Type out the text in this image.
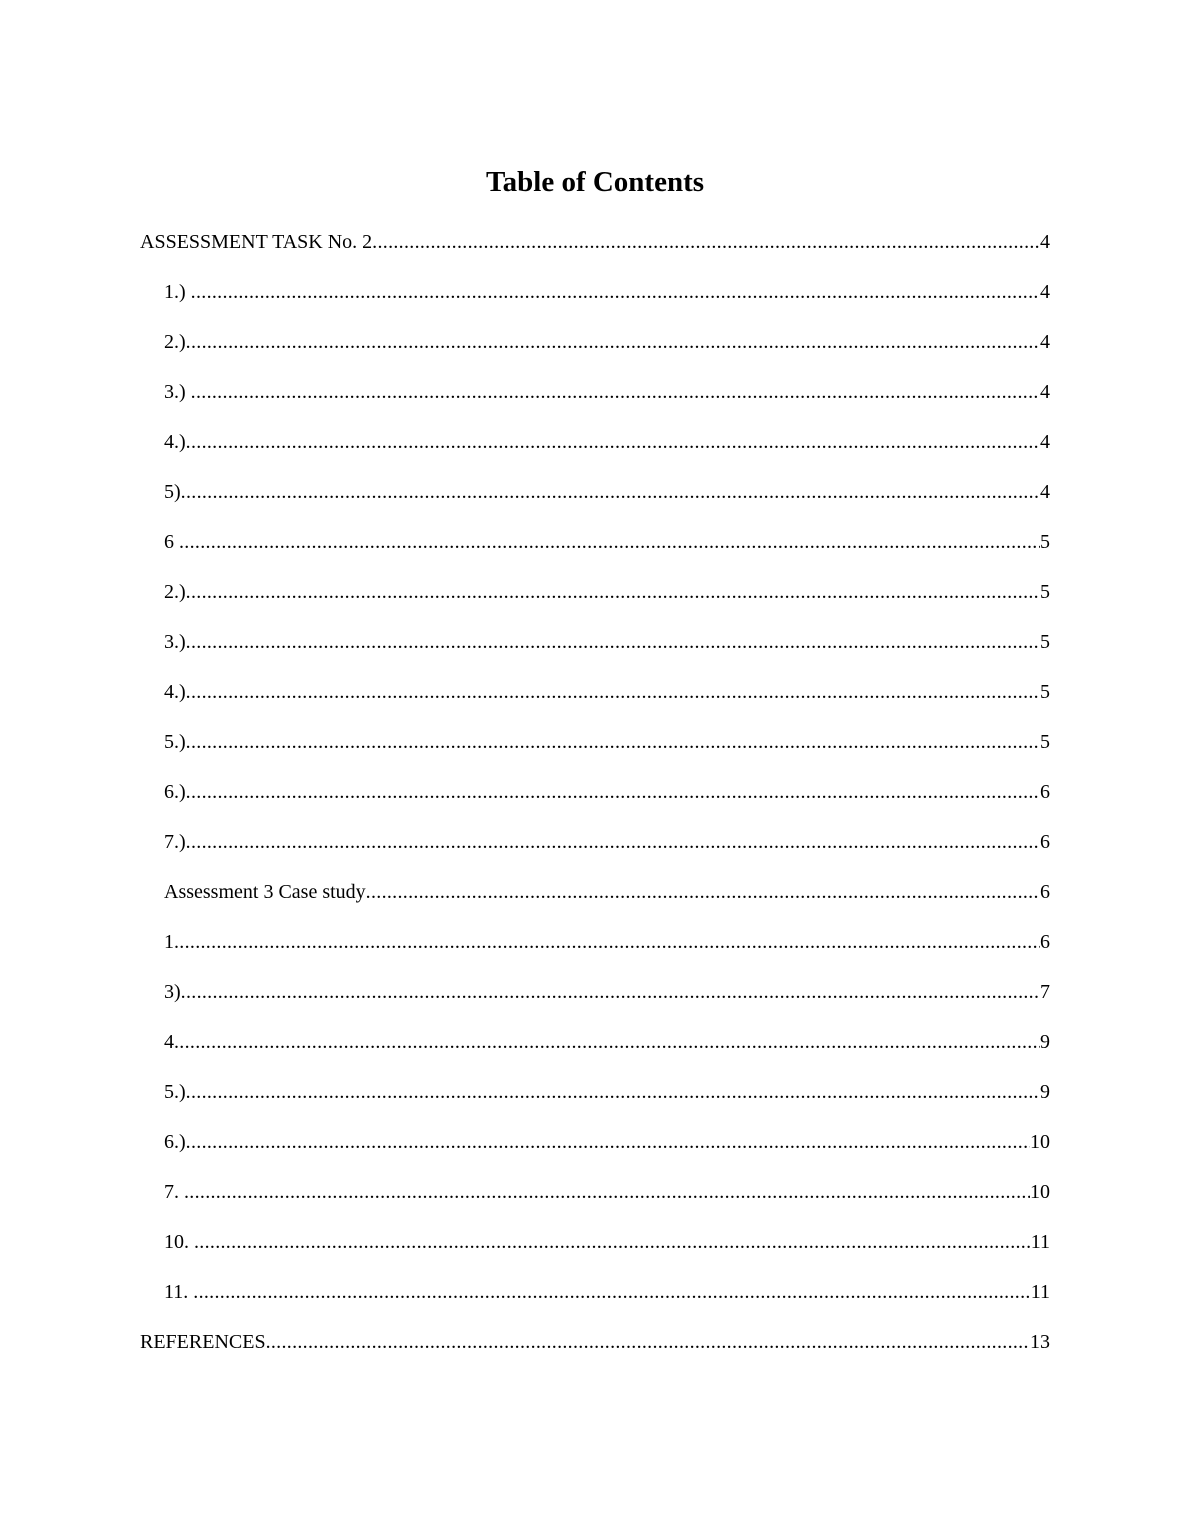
Table of Contents
ASSESSMENT TASK No. 2 .....	4
1.) .....	4
2.) .....	4
3.) .....	4
4.) .....	4
5) .....	4
6 .....	5
2.) .....	5
3.) .....	5
4.) .....	5
5.) .....	5
6.) .....	6
7.) .....	6
Assessment 3 Case study .....	6
1 .....	6
3) .....	7
4 .....	9
5.) .....	9
6.) .....	10
7. .....	10
10. .....	11
11. .....	11
REFERENCES .....	13
